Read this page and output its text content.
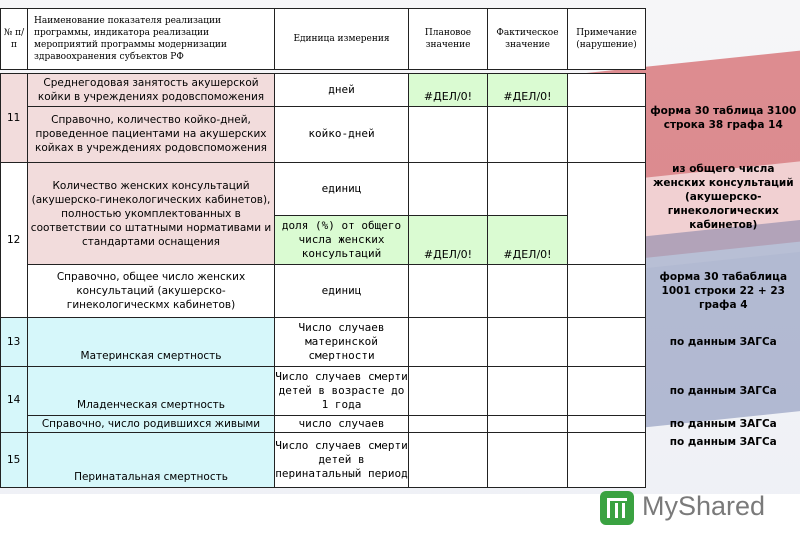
№ п/п	Наименование показателя реализации программы, индикатора реализации мероприятий программы модернизации здравоохранения субъектов РФ	Единица измерения	Плановое значение	Фактическое значение	Примечание (нарушение)
11	Среднегодовая занятость акушерской койки в учреждениях родовспоможения	дней	#ДЕЛ/0!	#ДЕЛ/0!		форма 30 таблица 3100 строка 38 графа 14
	Справочно, количество койко-дней, проведенное пациентами на акушерских койках в учреждениях родовспоможения	койко-дней				
12	Количество женских консультаций (акушерско-гинекологических кабинетов), полностью укомплектованных в соответствии со штатными нормативами и стандартами оснащения	единиц				из общего числа женских консультаций (акушерско-гинекологических кабинетов)
		доля (%) от общего числа женских консультаций	#ДЕЛ/0!	#ДЕЛ/0!		
	Справочно, общее число женских консультаций (акушерско-гинекологическмх кабинетов)	единиц				форма 30 табаблица 1001 строки 22 + 23 графа 4
13	Материнская смертность	Число случаев материнской смертности				по данным ЗАГСа
14	Младенческая смертность	Число случаев смерти детей в возрасте до 1 года				по данным ЗАГСа
	Справочно, число родившихся живыми	число случаев				по данным ЗАГСа
15	Перинатальная смертность	Число случаев смерти детей в перинатальный период				по данным ЗАГСа
MyShared
